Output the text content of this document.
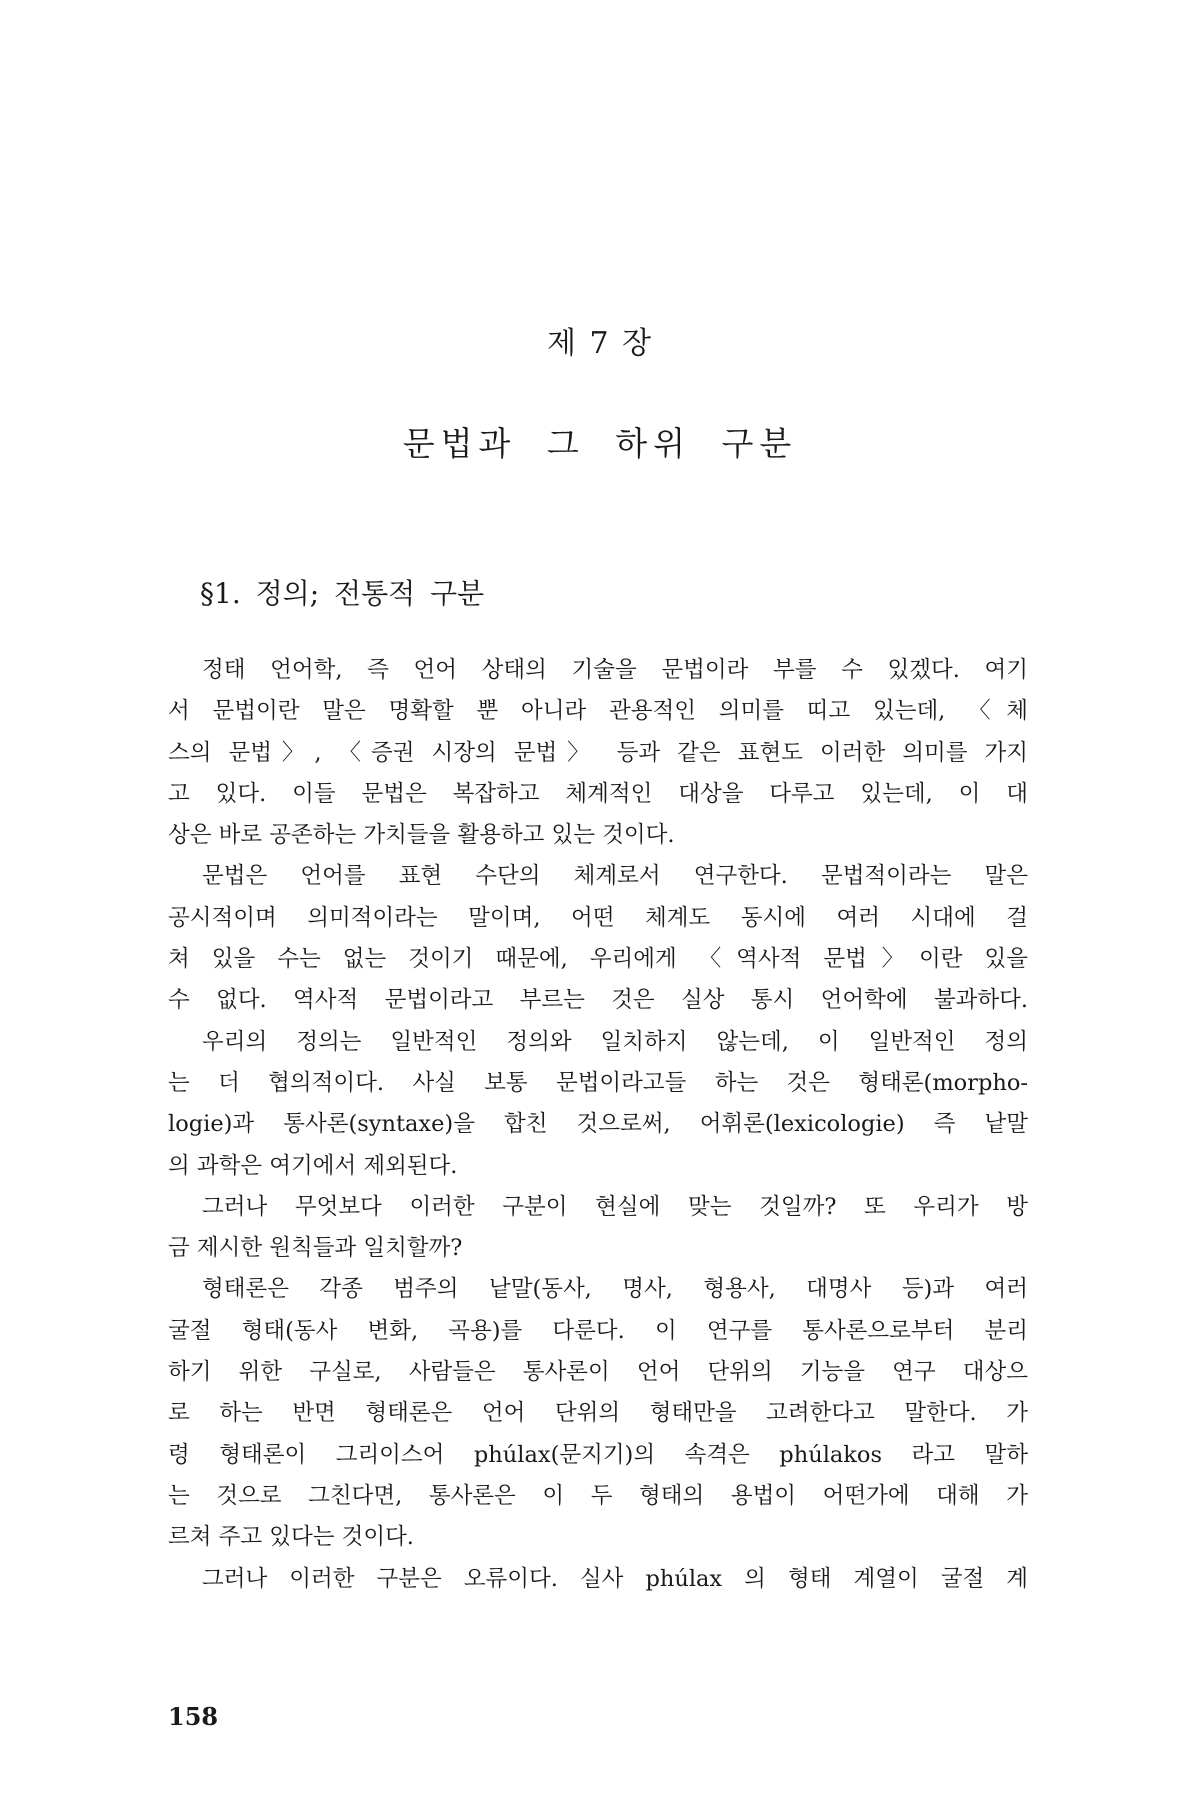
제 7 장
문법과 그 하위 구분
§1. 정의; 전통적 구분
정태 언어학, 즉 언어 상태의 기술을 문법이라 부를 수 있겠다. 여기
서 문법이란 말은 명확할 뿐 아니라 관용적인 의미를 띠고 있는데, 〈체
스의 문법〉, 〈증권 시장의 문법〉 등과 같은 표현도 이러한 의미를 가지
고 있다. 이들 문법은 복잡하고 체계적인 대상을 다루고 있는데, 이 대
상은 바로 공존하는 가치들을 활용하고 있는 것이다.
문법은 언어를 표현 수단의 체계로서 연구한다. 문법적이라는 말은
공시적이며 의미적이라는 말이며, 어떤 체계도 동시에 여러 시대에 걸
쳐 있을 수는 없는 것이기 때문에, 우리에게 〈역사적 문법〉이란 있을
수 없다. 역사적 문법이라고 부르는 것은 실상 통시 언어학에 불과하다.
우리의 정의는 일반적인 정의와 일치하지 않는데, 이 일반적인 정의
는 더 협의적이다. 사실 보통 문법이라고들 하는 것은 형태론(morpho-
logie)과 통사론(syntaxe)을 합친 것으로써, 어휘론(lexicologie) 즉 낱말
의 과학은 여기에서 제외된다.
그러나 무엇보다 이러한 구분이 현실에 맞는 것일까? 또 우리가 방
금 제시한 원칙들과 일치할까?
형태론은 각종 범주의 낱말(동사, 명사, 형용사, 대명사 등)과 여러
굴절 형태(동사 변화, 곡용)를 다룬다. 이 연구를 통사론으로부터 분리
하기 위한 구실로, 사람들은 통사론이 언어 단위의 기능을 연구 대상으
로 하는 반면 형태론은 언어 단위의 형태만을 고려한다고 말한다. 가
령 형태론이 그리이스어 phúlax(문지기)의 속격은 phúlakos 라고 말하
는 것으로 그친다면, 통사론은 이 두 형태의 용법이 어떤가에 대해 가
르쳐 주고 있다는 것이다.
그러나 이러한 구분은 오류이다. 실사 phúlax 의 형태 계열이 굴절 계
158
